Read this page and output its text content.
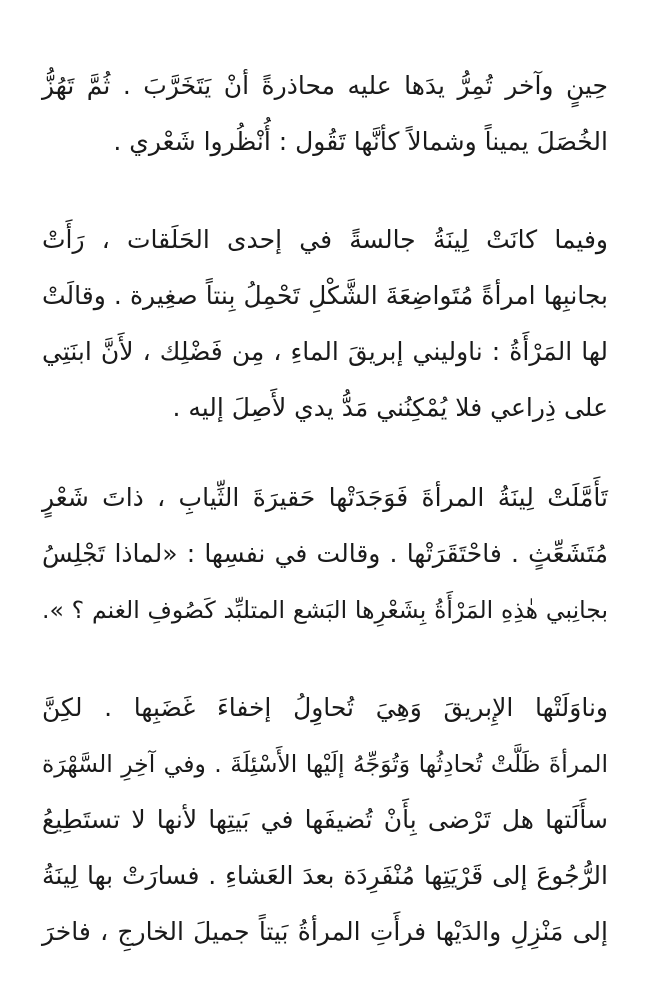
حِينٍ وآخر تُمِرُّ يدَها عليه محاذرةً أنْ يَتَخَرَّبَ . ثُمَّ تَهُزُّ
الخُصَلَ يميناً وشمالاً كأنَّها تَقُول : أُنْظُروا شَعْري .
وفيما كانَتْ لِينَةُ جالسةً في إحدى الحَلَقات ، رَأَتْ
بجانبِها امرأةً مُتَواضِعَةَ الشَّكْلِ تَحْمِلُ بِنتاً صغِيرة . وقالَتْ
لها المَرْأَةُ : ناوليني إبريقَ الماءِ ، مِن فَضْلِك ، لأَنَّ ابنَتِي
على ذِراعي فلا يُمْكِنُني مَدُّ يدي لأَصِلَ إليه .
تَأَمَّلَتْ لِينَةُ المرأةَ فَوَجَدَتْها حَقيرَةَ الثِّيابِ ، ذاتَ شَعْرٍ
مُتَشَعِّثٍ . فاحْتَقَرَتْها . وقالت في نفسِها : «لماذا تَجْلِسُ
بجانِبي هٰذِهِ المَرْأَةُ بِشَعْرِها البَشع المتلبِّد كَصُوفِ الغنم ؟ ».
وناوَلَتْها الإِبريقَ وَهِيَ تُحاوِلُ إخفاءَ غَضَبِها . لكِنَّ
المرأةَ ظَلَّتْ تُحادِثُها وَتُوَجِّهُ إلَيْها الأَسْئِلَةَ . وفي آخِرِ السَّهْرَة
سأَلَتها هل تَرْضى بِأَنْ تُضيفَها في بَيتِها لأنها لا تستَطِيعُ
الرُّجُوعَ إلى قَرْيَتِها مُنْفَرِدَة بعدَ العَشاءِ . فسارَتْ بها لِينَةُ
إلى مَنْزِلِ والدَيْها فرأَتِ المرأةُ بَيتاً جميلَ الخارجِ ، فاخرَ
